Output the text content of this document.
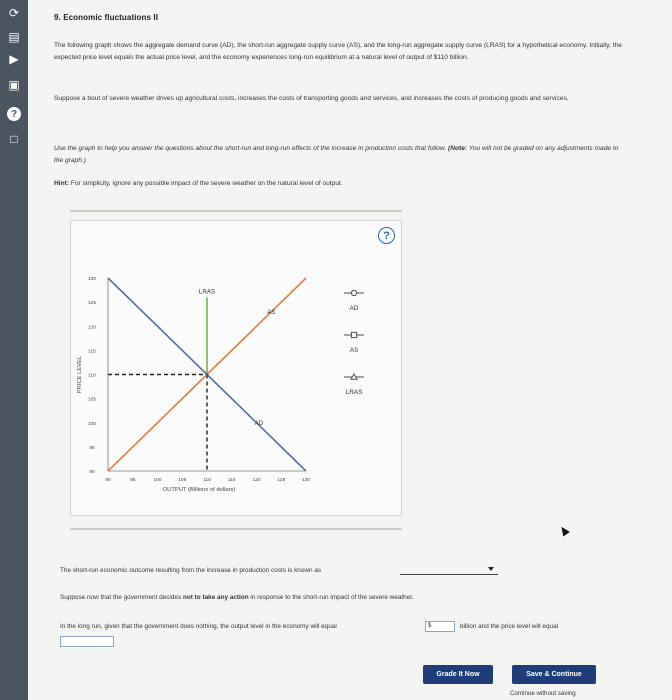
⟳
▤
▶
▣
?
□
9. Economic fluctuations II
The following graph shows the aggregate demand curve (AD), the short-run aggregate supply curve (AS), and the long-run aggregate supply curve (LRAS) for a hypothetical economy. Initially, the expected price level equals the actual price level, and the economy experiences long-run equilibrium at a natural level of output of $110 billion.
Suppose a bout of severe weather drives up agricultural costs, increases the costs of transporting goods and services, and increases the costs of producing goods and services.
Use the graph to help you answer the questions about the short-run and long-run effects of the increase in production costs that follow. (Note: You will not be graded on any adjustments made to the graph.)
Hint: For simplicity, ignore any possible impact of the severe weather on the natural level of output.
?
130
125
120
115
110
105
100
95
90
90	95	100	105	110	115	120	125	130
PRICE LEVEL
OUTPUT (Billions of dollars)
LRAS
AS
AD
+
AD
AS
LRAS
The short-run economic outcome resulting from the increase in production costs is known as
Suppose now that the government decides not to take any action in response to the short-run impact of the severe weather.
In the long run, given that the government does nothing, the output level in the economy will equal	$	billion and the price level will equal
Grade It Now	Save & Continue
Continue without saving
